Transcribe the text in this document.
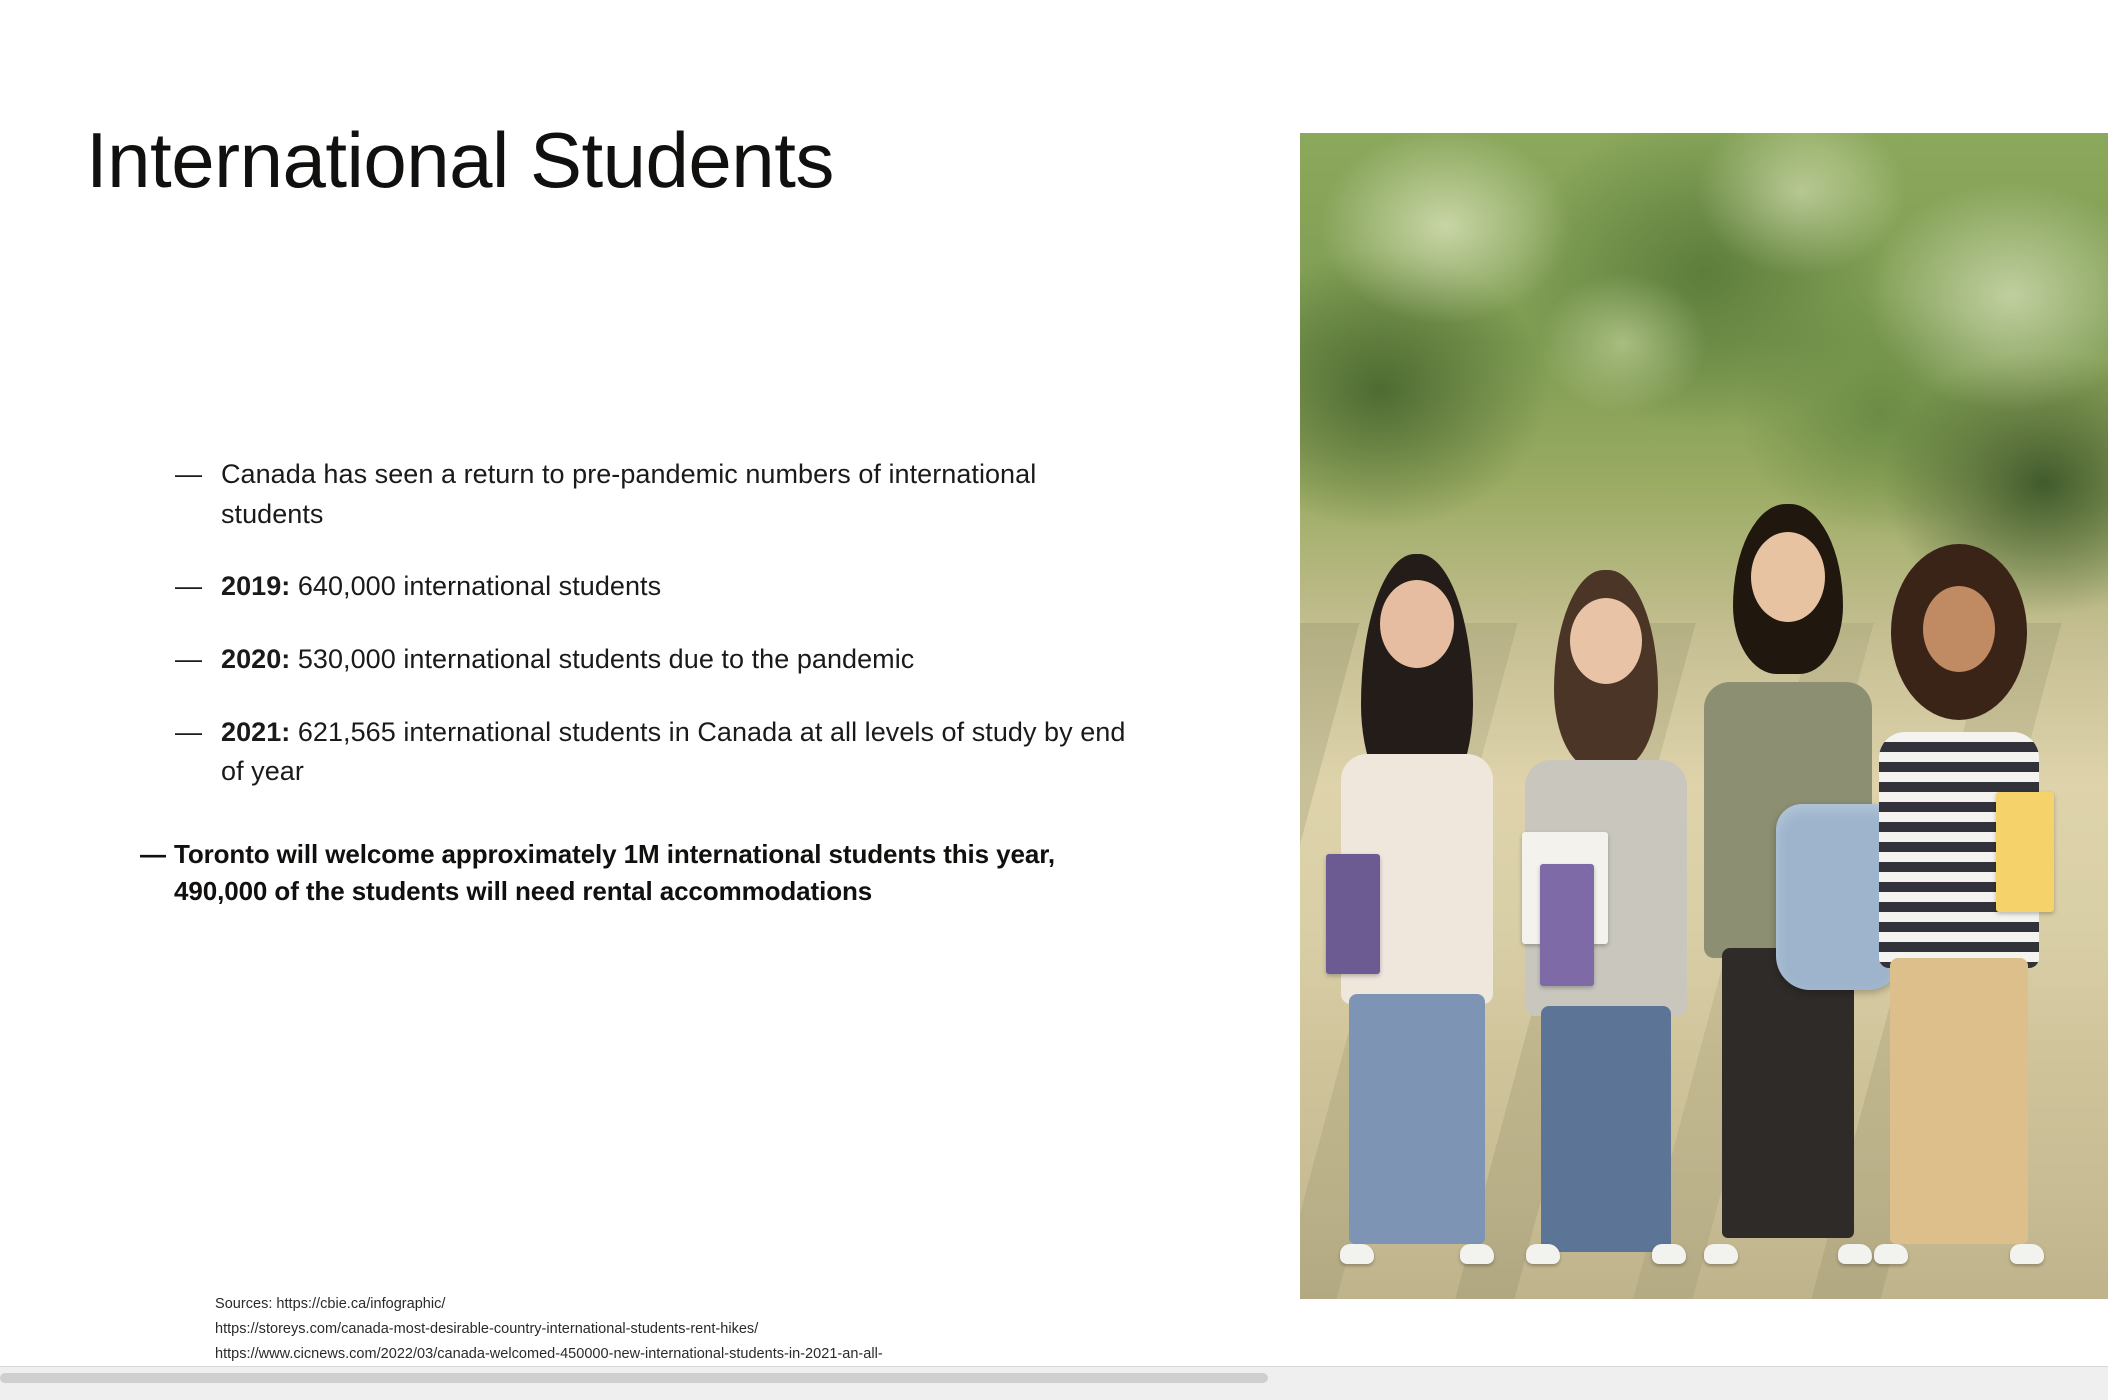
International Students
— Canada has seen a return to pre-pandemic numbers of international students
— 2019: 640,000 international students
— 2020: 530,000 international students due to the pandemic
— 2021: 621,565 international students in Canada at all levels of study by end of year
— Toronto will welcome approximately 1M international students this year, 490,000 of the students will need rental accommodations
Sources: https://cbie.ca/infographic/
https://storeys.com/canada-most-desirable-country-international-students-rent-hikes/
https://www.cicnews.com/2022/03/canada-welcomed-450000-new-international-students-in-2021-an-all-
